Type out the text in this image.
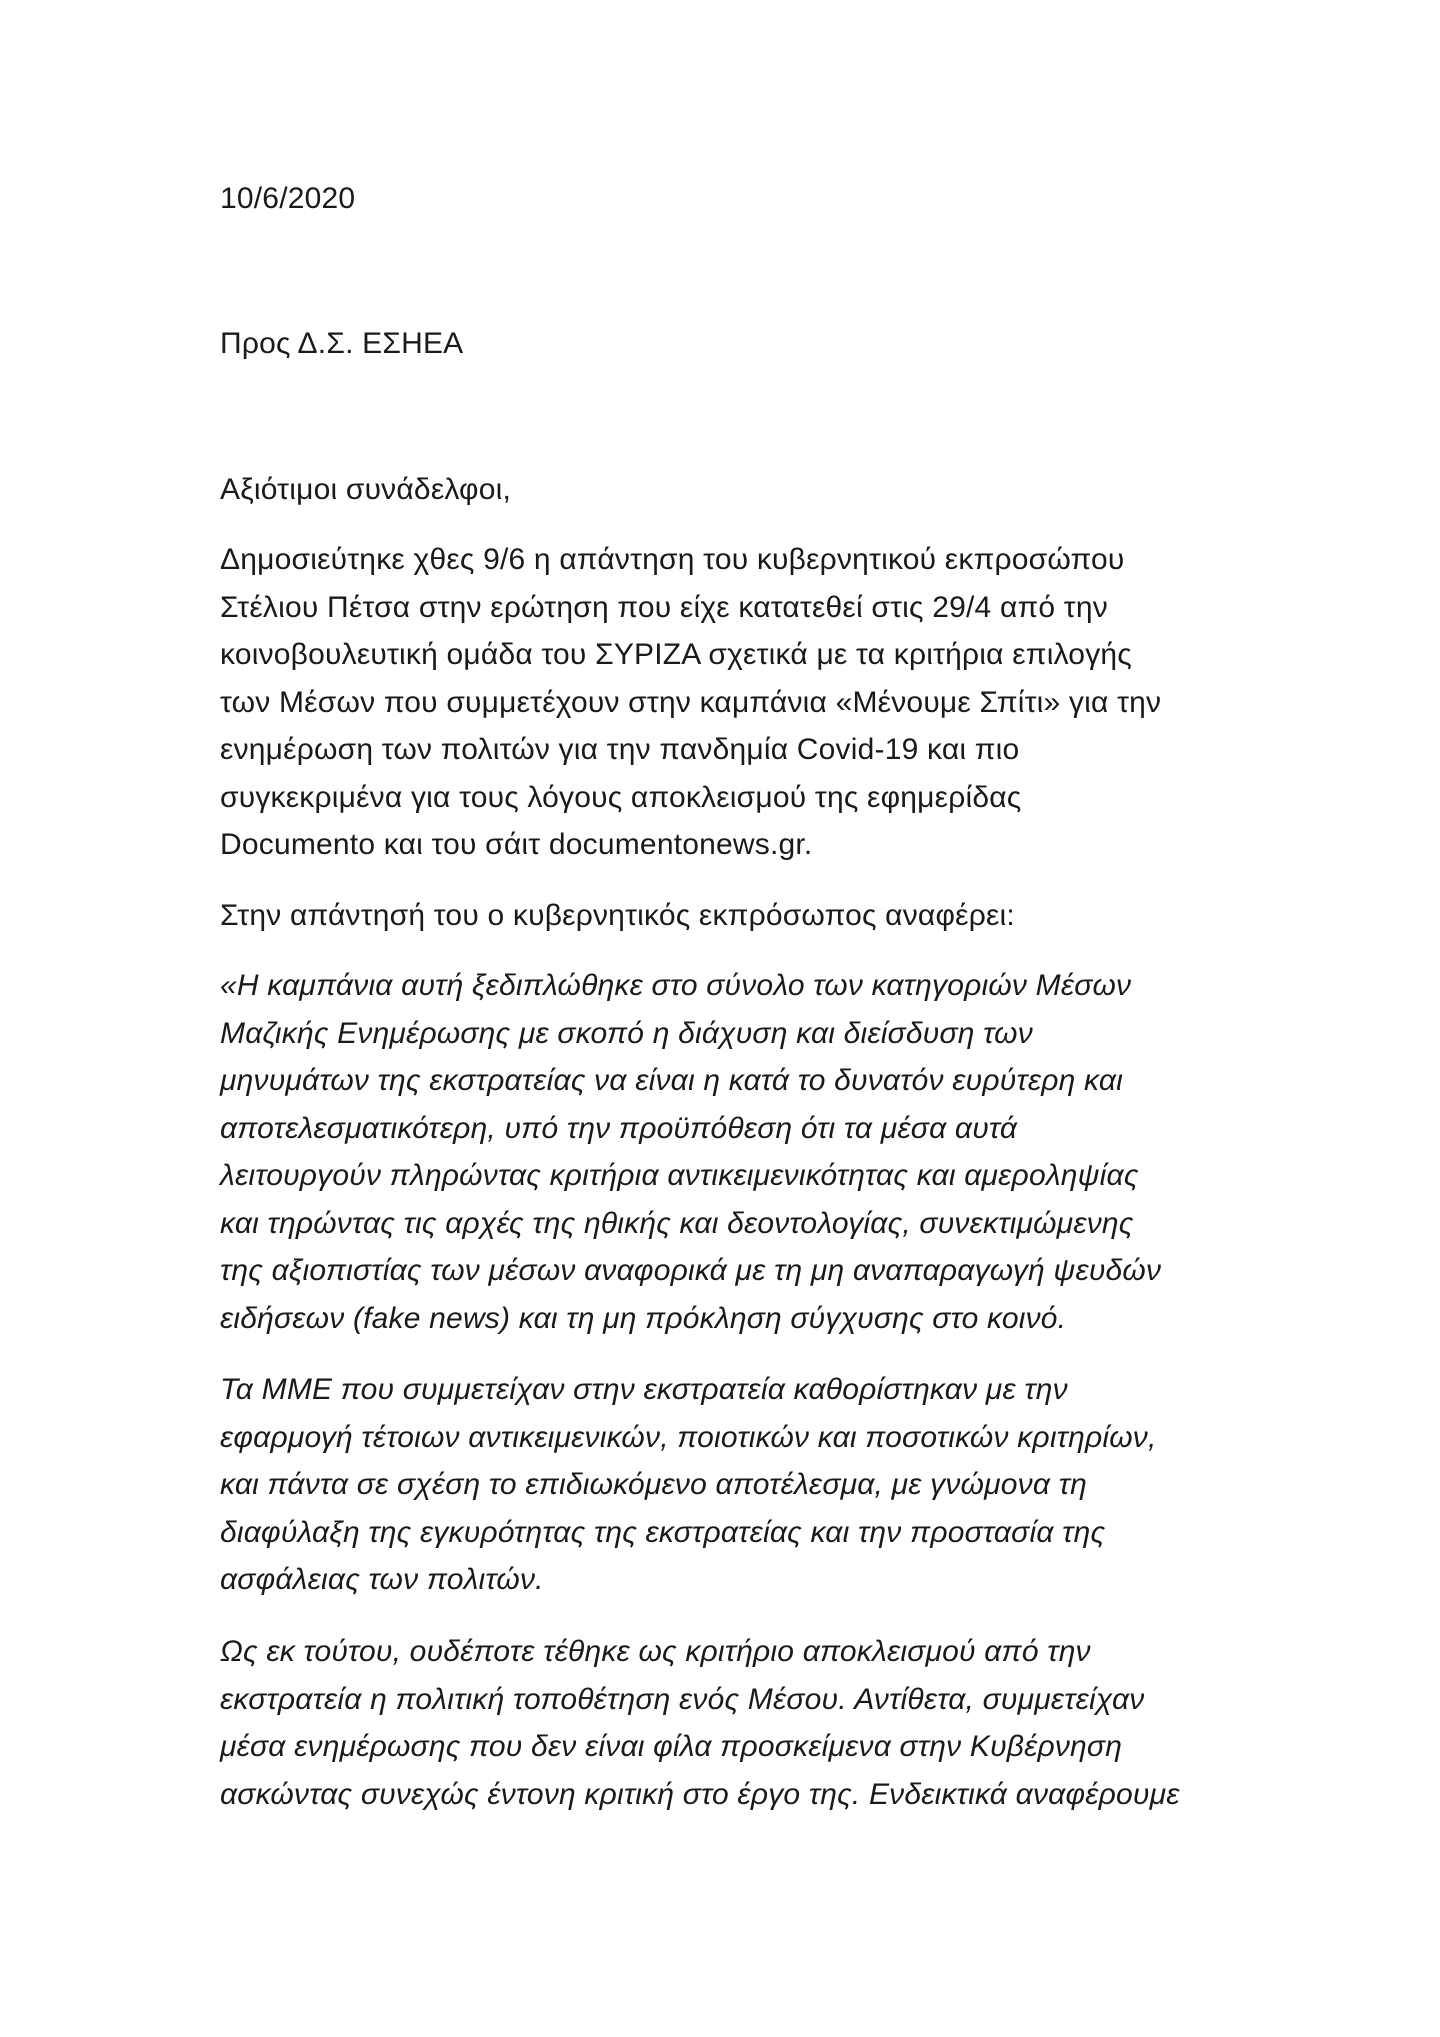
10/6/2020

Προς Δ.Σ. ΕΣΗΕΑ

Αξιότιμοι συνάδελφοι,

Δημοσιεύτηκε χθες 9/6 η απάντηση του κυβερνητικού εκπροσώπου
Στέλιου Πέτσα στην ερώτηση που είχε κατατεθεί στις 29/4 από την
κοινοβουλευτική ομάδα του ΣΥΡΙΖΑ σχετικά με τα κριτήρια επιλογής
των Μέσων που συμμετέχουν στην καμπάνια «Μένουμε Σπίτι» για την
ενημέρωση των πολιτών για την πανδημία Covid-19 και πιο
συγκεκριμένα για τους λόγους αποκλεισμού της εφημερίδας
Documento και του σάιτ documentonews.gr.

Στην απάντησή του ο κυβερνητικός εκπρόσωπος αναφέρει:

«Η καμπάνια αυτή ξεδιπλώθηκε στο σύνολο των κατηγοριών Μέσων
Μαζικής Ενημέρωσης με σκοπό η διάχυση και διείσδυση των
μηνυμάτων της εκστρατείας να είναι η κατά το δυνατόν ευρύτερη και
αποτελεσματικότερη, υπό την προϋπόθεση ότι τα μέσα αυτά
λειτουργούν πληρώντας κριτήρια αντικειμενικότητας και αμεροληψίας
και τηρώντας τις αρχές της ηθικής και δεοντολογίας, συνεκτιμώμενης
της αξιοπιστίας των μέσων αναφορικά με τη μη αναπαραγωγή ψευδών
ειδήσεων (fake news) και τη μη πρόκληση σύγχυσης στο κοινό.

Τα ΜΜΕ που συμμετείχαν στην εκστρατεία καθορίστηκαν με την
εφαρμογή τέτοιων αντικειμενικών, ποιοτικών και ποσοτικών κριτηρίων,
και πάντα σε σχέση το επιδιωκόμενο αποτέλεσμα, με γνώμονα τη
διαφύλαξη της εγκυρότητας της εκστρατείας και την προστασία της
ασφάλειας των πολιτών.

Ως εκ τούτου, ουδέποτε τέθηκε ως κριτήριο αποκλεισμού από την
εκστρατεία η πολιτική τοποθέτηση ενός Μέσου. Αντίθετα, συμμετείχαν
μέσα ενημέρωσης που δεν είναι φίλα προσκείμενα στην Κυβέρνηση
ασκώντας συνεχώς έντονη κριτική στο έργο της. Ενδεικτικά αναφέρουμε
